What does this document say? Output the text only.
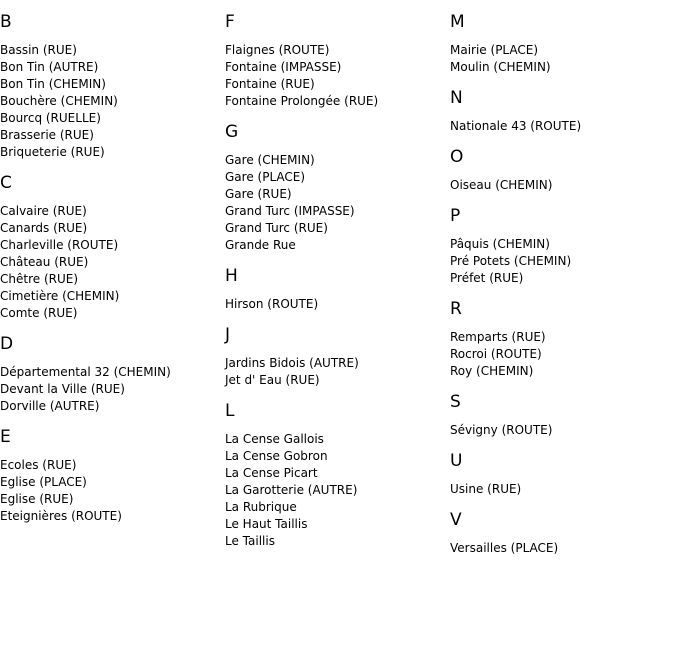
B
Bassin (RUE)
Bon Tin (AUTRE)
Bon Tin (CHEMIN)
Bouchère (CHEMIN)
Bourcq (RUELLE)
Brasserie (RUE)
Briqueterie (RUE)
C
Calvaire (RUE)
Canards (RUE)
Charleville (ROUTE)
Château (RUE)
Chêtre (RUE)
Cimetière (CHEMIN)
Comte (RUE)
D
Départemental 32 (CHEMIN)
Devant la Ville (RUE)
Dorville (AUTRE)
E
Ecoles (RUE)
Eglise (PLACE)
Eglise (RUE)
Eteignières (ROUTE)
F
Flaignes (ROUTE)
Fontaine (IMPASSE)
Fontaine (RUE)
Fontaine Prolongée (RUE)
G
Gare (CHEMIN)
Gare (PLACE)
Gare (RUE)
Grand Turc (IMPASSE)
Grand Turc (RUE)
Grande Rue
H
Hirson (ROUTE)
J
Jardins Bidois (AUTRE)
Jet d' Eau (RUE)
L
La Cense Gallois
La Cense Gobron
La Cense Picart
La Garotterie (AUTRE)
La Rubrique
Le Haut Taillis
Le Taillis
M
Mairie (PLACE)
Moulin (CHEMIN)
N
Nationale 43 (ROUTE)
O
Oiseau (CHEMIN)
P
Pâquis (CHEMIN)
Pré Potets (CHEMIN)
Préfet (RUE)
R
Remparts (RUE)
Rocroi (ROUTE)
Roy (CHEMIN)
S
Sévigny (ROUTE)
U
Usine (RUE)
V
Versailles (PLACE)
